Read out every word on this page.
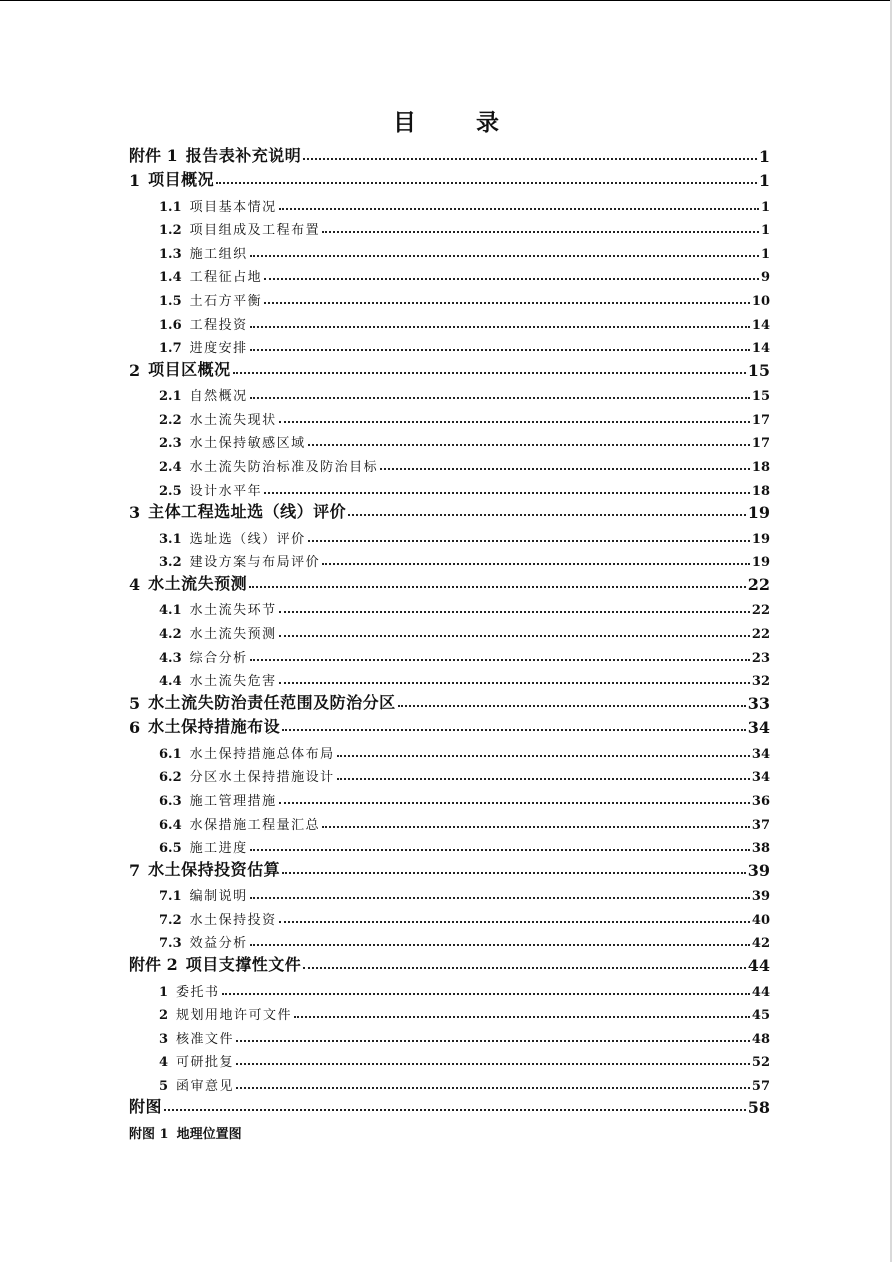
目 录
附件 1 报告表补充说明	1
1 项目概况	1
1.1 项目基本情况	1
1.2 项目组成及工程布置	1
1.3 施工组织	1
1.4 工程征占地	9
1.5 土石方平衡	10
1.6 工程投资	14
1.7 进度安排	14
2 项目区概况	15
2.1 自然概况	15
2.2 水土流失现状	17
2.3 水土保持敏感区域	17
2.4 水土流失防治标准及防治目标	18
2.5 设计水平年	18
3 主体工程选址选（线）评价	19
3.1 选址选（线）评价	19
3.2 建设方案与布局评价	19
4 水土流失预测	22
4.1 水土流失环节	22
4.2 水土流失预测	22
4.3 综合分析	23
4.4 水土流失危害	32
5 水土流失防治责任范围及防治分区	33
6 水土保持措施布设	34
6.1 水土保持措施总体布局	34
6.2 分区水土保持措施设计	34
6.3 施工管理措施	36
6.4 水保措施工程量汇总	37
6.5 施工进度	38
7 水土保持投资估算	39
7.1 编制说明	39
7.2 水土保持投资	40
7.3 效益分析	42
附件 2 项目支撑性文件	44
1 委托书	44
2 规划用地许可文件	45
3 核准文件	48
4 可研批复	52
5 函审意见	57
附图	58
附图 1 地理位置图
